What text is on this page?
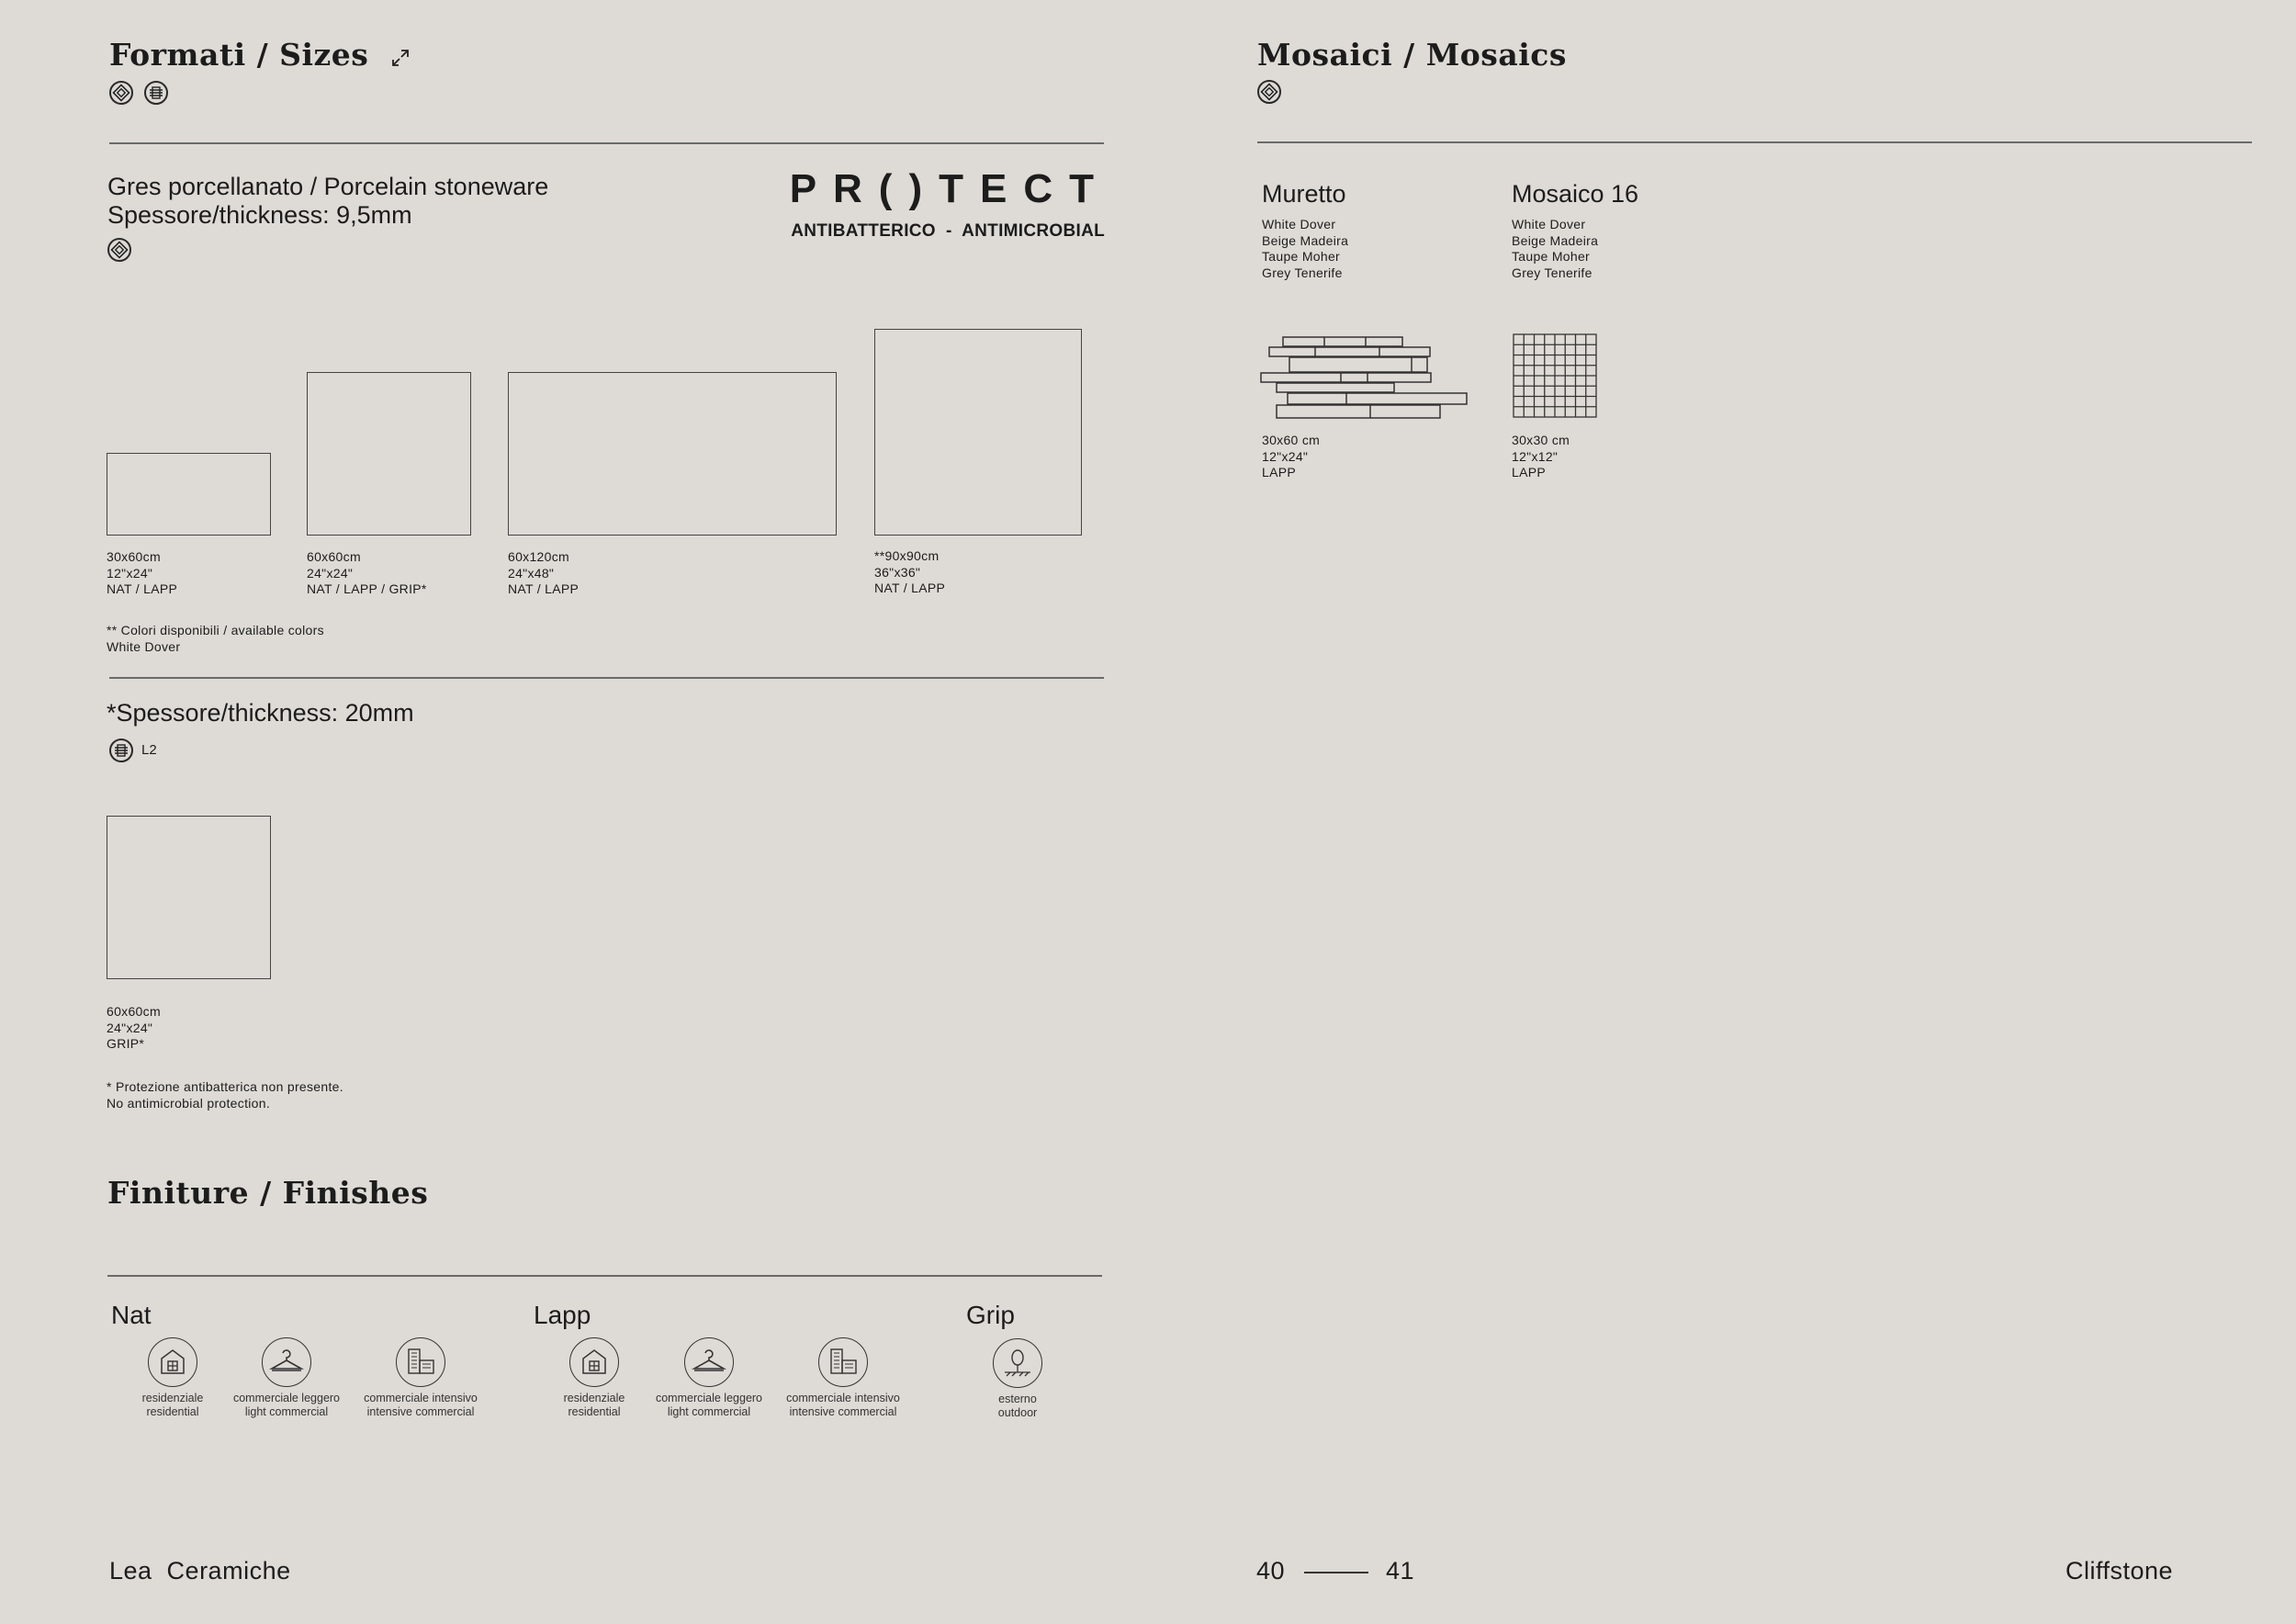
Formati / Sizes
Gres porcellanato / Porcelain stoneware
Spessore/thickness: 9,5mm
PR()TECT
ANTIBATTERICO  -  ANTIMICROBIAL
30x60cm
12"x24"
NAT / LAPP
60x60cm
24"x24"
NAT / LAPP / GRIP*
60x120cm
24"x48"
NAT / LAPP
**90x90cm
36"x36"
NAT / LAPP
** Colori disponibili / available colors
White Dover
*Spessore/thickness: 20mm
L2
60x60cm
24"x24"
GRIP*
* Protezione antibatterica non presente.
No antimicrobial protection.
Finiture / Finishes
Nat	Lapp	Grip
residenziale
residential
commerciale leggero
light commercial
commerciale intensivo
intensive commercial
residenziale
residential
commerciale leggero
light commercial
commerciale intensivo
intensive commercial
esterno
outdoor
Mosaici / Mosaics
Muretto
White Dover
Beige Madeira
Taupe Moher
Grey Tenerife
30x60 cm
12"x24"
LAPP
Mosaico 16
White Dover
Beige Madeira
Taupe Moher
Grey Tenerife
30x30 cm
12"x12"
LAPP
Lea  Ceramiche	40	41	Cliffstone
